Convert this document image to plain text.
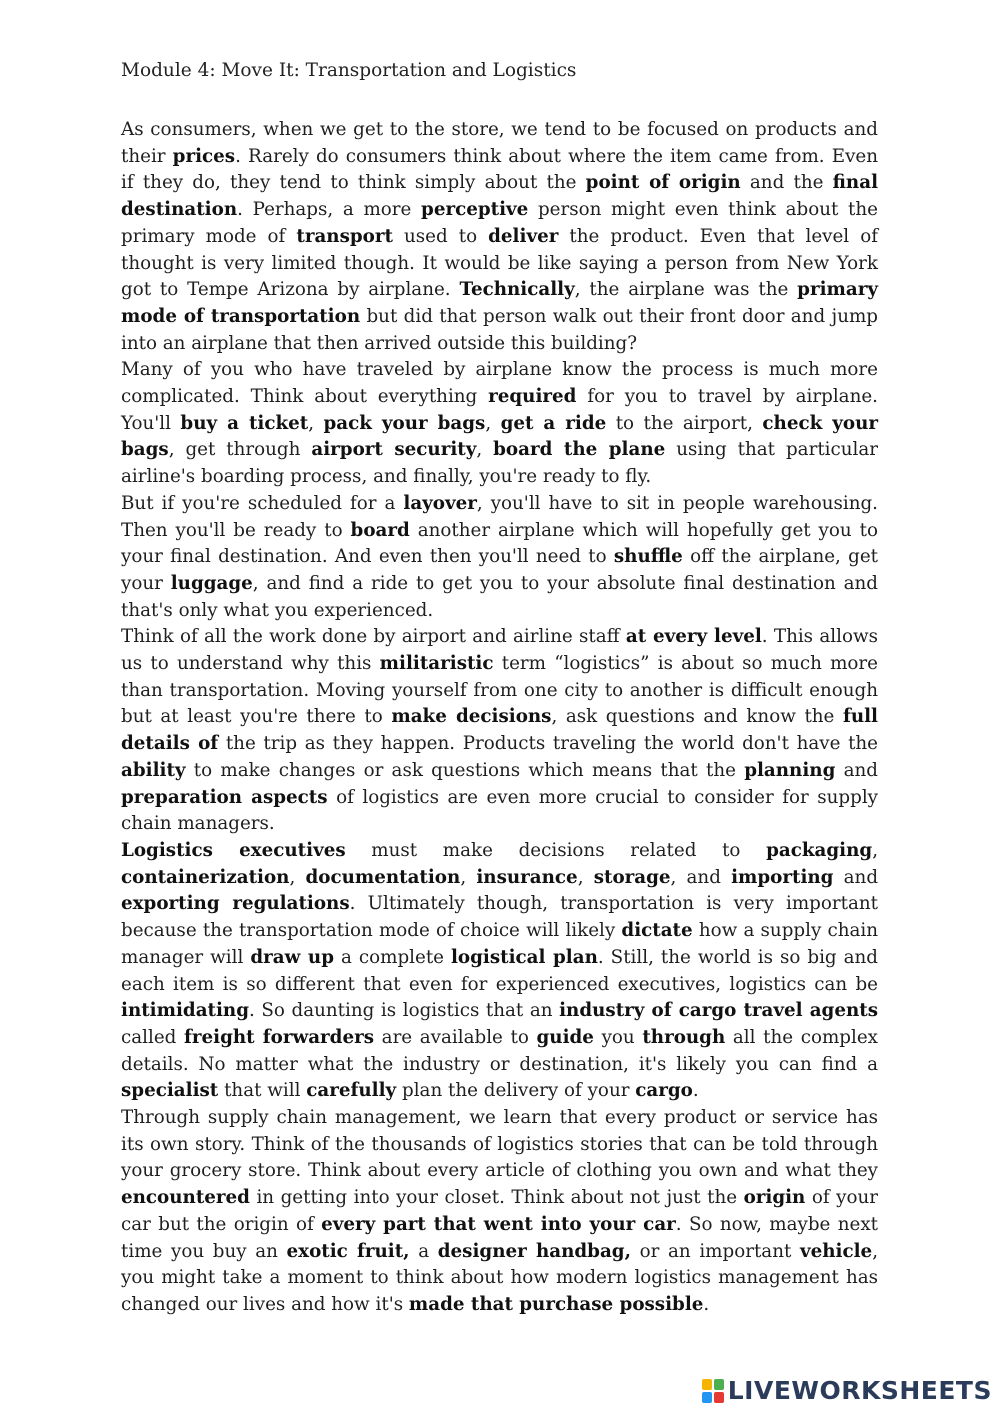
Module 4: Move It: Transportation and Logistics

As consumers, when we get to the store, we tend to be focused on products and their prices. Rarely do consumers think about where the item came from. Even if they do, they tend to think simply about the point of origin and the final destination. Perhaps, a more perceptive person might even think about the primary mode of transport used to deliver the product. Even that level of thought is very limited though. It would be like saying a person from New York got to Tempe Arizona by airplane. Technically, the airplane was the primary mode of transportation but did that person walk out their front door and jump into an airplane that then arrived outside this building?

Many of you who have traveled by airplane know the process is much more complicated. Think about everything required for you to travel by airplane. You'll buy a ticket, pack your bags, get a ride to the airport, check your bags, get through airport security, board the plane using that particular airline's boarding process, and finally, you're ready to fly.

But if you're scheduled for a layover, you'll have to sit in people warehousing. Then you'll be ready to board another airplane which will hopefully get you to your final destination. And even then you'll need to shuffle off the airplane, get your luggage, and find a ride to get you to your absolute final destination and that's only what you experienced.

Think of all the work done by airport and airline staff at every level. This allows us to understand why this militaristic term “logistics” is about so much more than transportation. Moving yourself from one city to another is difficult enough but at least you're there to make decisions, ask questions and know the full details of the trip as they happen. Products traveling the world don't have the ability to make changes or ask questions which means that the planning and preparation aspects of logistics are even more crucial to consider for supply chain managers.

Logistics executives must make decisions related to packaging, containerization, documentation, insurance, storage, and importing and exporting regulations. Ultimately though, transportation is very important because the transportation mode of choice will likely dictate how a supply chain manager will draw up a complete logistical plan. Still, the world is so big and each item is so different that even for experienced executives, logistics can be intimidating. So daunting is logistics that an industry of cargo travel agents called freight forwarders are available to guide you through all the complex details. No matter what the industry or destination, it's likely you can find a specialist that will carefully plan the delivery of your cargo.

Through supply chain management, we learn that every product or service has its own story. Think of the thousands of logistics stories that can be told through your grocery store. Think about every article of clothing you own and what they encountered in getting into your closet. Think about not just the origin of your car but the origin of every part that went into your car. So now, maybe next time you buy an exotic fruit, a designer handbag, or an important vehicle, you might take a moment to think about how modern logistics management has changed our lives and how it's made that purchase possible.

LIVEWORKSHEETS
